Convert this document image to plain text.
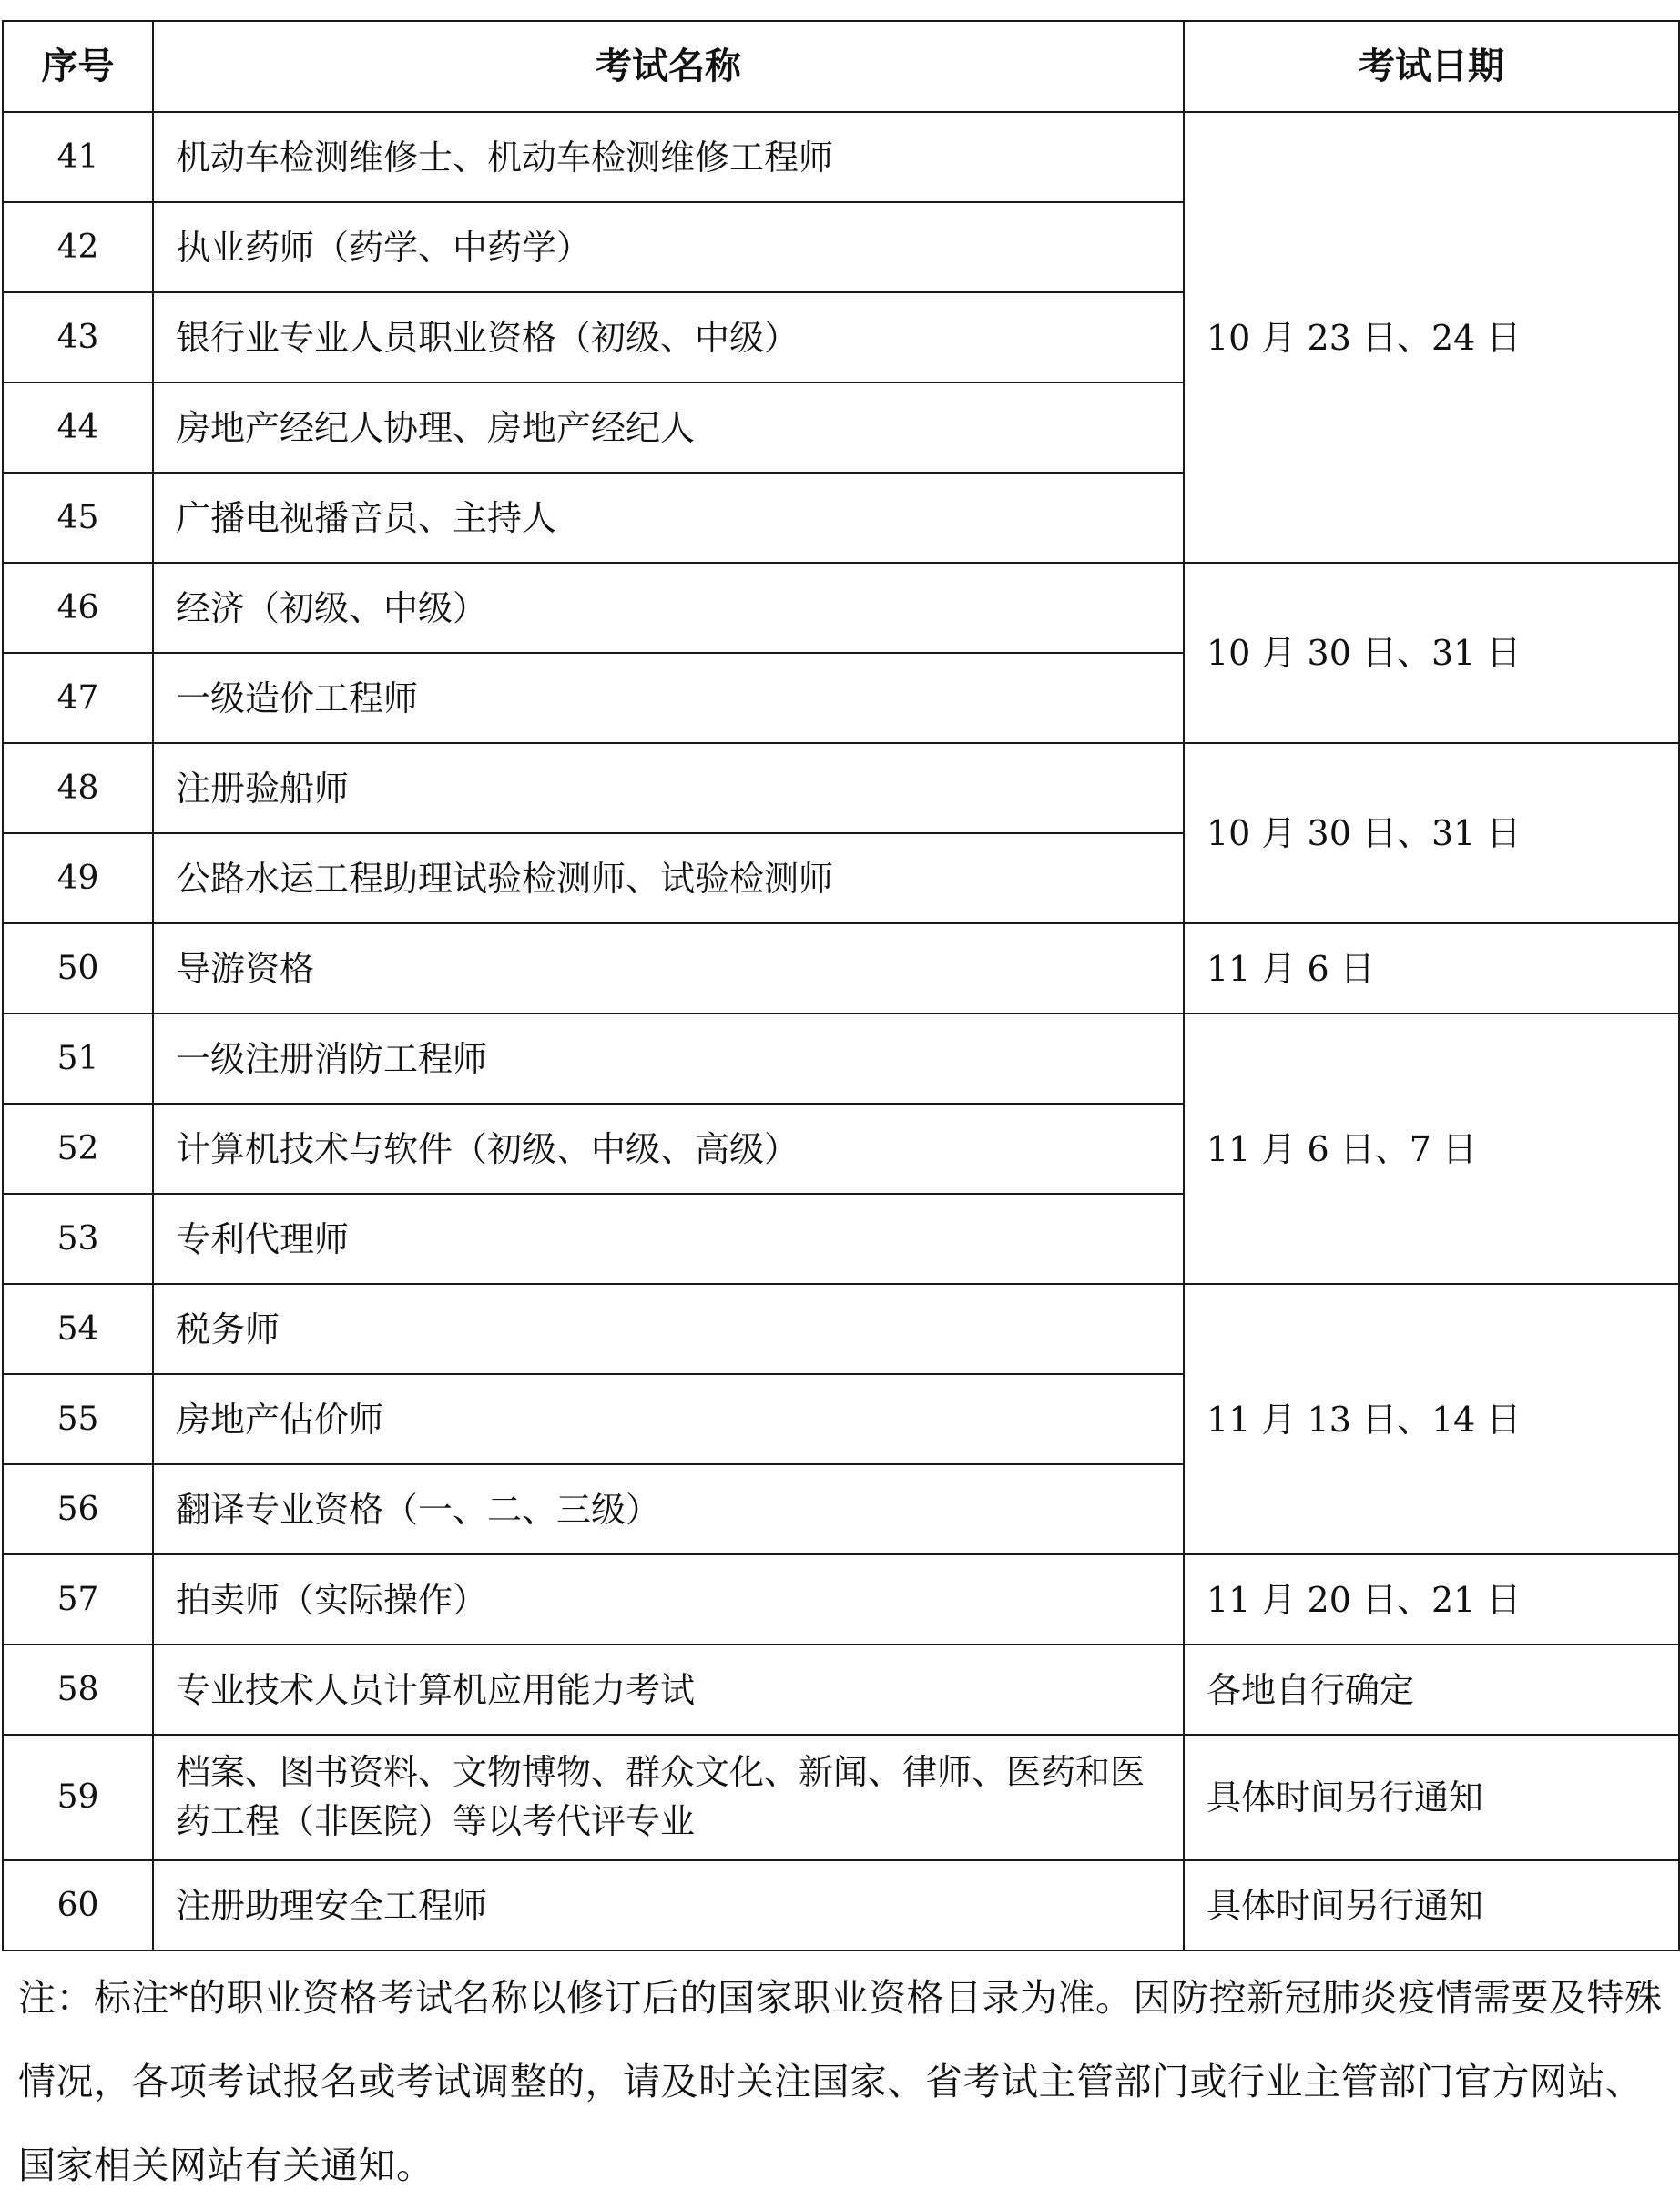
序号	考试名称	考试日期
41	机动车检测维修士、机动车检测维修工程师	10 月 23 日、24 日
42	执业药师（药学、中药学）	
43	银行业专业人员职业资格（初级、中级）	
44	房地产经纪人协理、房地产经纪人	
45	广播电视播音员、主持人	
46	经济（初级、中级）	10 月 30 日、31 日
47	一级造价工程师	
48	注册验船师	10 月 30 日、31 日
49	公路水运工程助理试验检测师、试验检测师	
50	导游资格	11 月 6 日
51	一级注册消防工程师	11 月 6 日、7 日
52	计算机技术与软件（初级、中级、高级）	
53	专利代理师	
54	税务师	11 月 13 日、14 日
55	房地产估价师	
56	翻译专业资格（一、二、三级）	
57	拍卖师（实际操作）	11 月 20 日、21 日
58	专业技术人员计算机应用能力考试	各地自行确定
59	档案、图书资料、文物博物、群众文化、新闻、律师、医药和医药工程（非医院）等以考代评专业	具体时间另行通知
60	注册助理安全工程师	具体时间另行通知
注：标注*的职业资格考试名称以修订后的国家职业资格目录为准。因防控新冠肺炎疫情需要及特殊情况，各项考试报名或考试调整的，请及时关注国家、省考试主管部门或行业主管部门官方网站、国家相关网站有关通知。
